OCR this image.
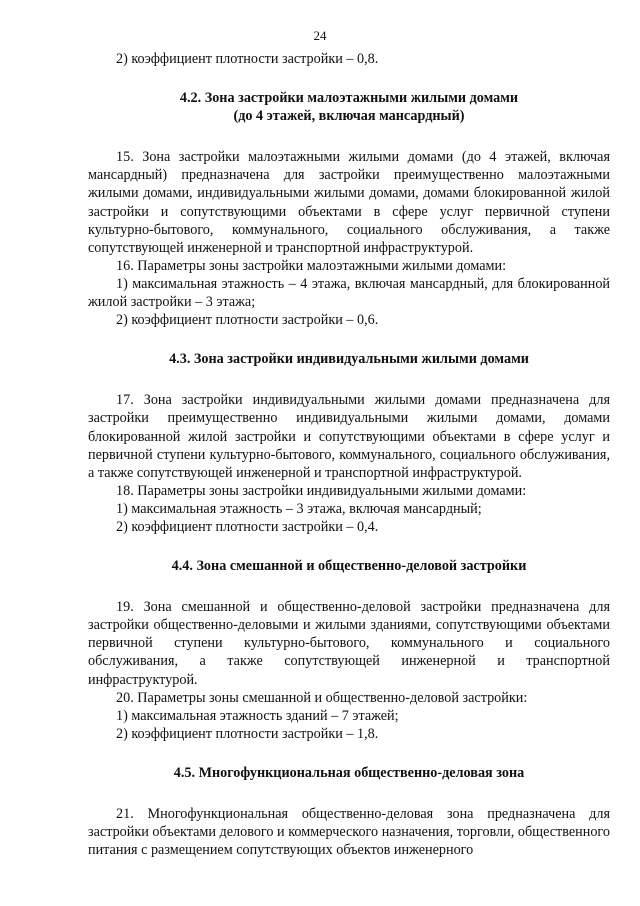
24

2) коэффициент плотности застройки – 0,8.

4.2. Зона застройки малоэтажными жилыми домами

(до 4 этажей, включая мансардный)

15. Зона застройки малоэтажными жилыми домами (до 4 этажей, включая мансардный) предназначена для застройки преимущественно малоэтажными жилыми домами, индивидуальными жилыми домами, домами блокированной жилой застройки и сопутствующими объектами в сфере услуг первичной ступени культурно-бытового, коммунального, социального обслуживания, а также сопутствующей инженерной и транспортной инфраструктурой.

16. Параметры зоны застройки малоэтажными жилыми домами:

1) максимальная этажность – 4 этажа, включая мансардный, для блокированной жилой застройки – 3 этажа;

2) коэффициент плотности застройки – 0,6.

4.3. Зона застройки индивидуальными жилыми домами

17. Зона застройки индивидуальными жилыми домами предназначена для застройки преимущественно индивидуальными жилыми домами, домами блокированной жилой застройки и сопутствующими объектами в сфере услуг и первичной ступени культурно-бытового, коммунального, социального обслуживания, а также сопутствующей инженерной и транспортной инфраструктурой.

18. Параметры зоны застройки индивидуальными жилыми домами:

1) максимальная этажность – 3 этажа, включая мансардный;

2) коэффициент плотности застройки – 0,4.

4.4. Зона смешанной и общественно-деловой застройки

19. Зона смешанной и общественно-деловой застройки предназначена для застройки общественно-деловыми и жилыми зданиями, сопутствующими объектами первичной ступени культурно-бытового, коммунального и социального обслуживания, а также сопутствующей инженерной и транспортной инфраструктурой.

20. Параметры зоны смешанной и общественно-деловой застройки:

1) максимальная этажность зданий – 7 этажей;

2) коэффициент плотности застройки – 1,8.

4.5. Многофункциональная общественно-деловая зона

21. Многофункциональная общественно-деловая зона предназначена для застройки объектами делового и коммерческого назначения, торговли, общественного питания с размещением сопутствующих объектов инженерного
